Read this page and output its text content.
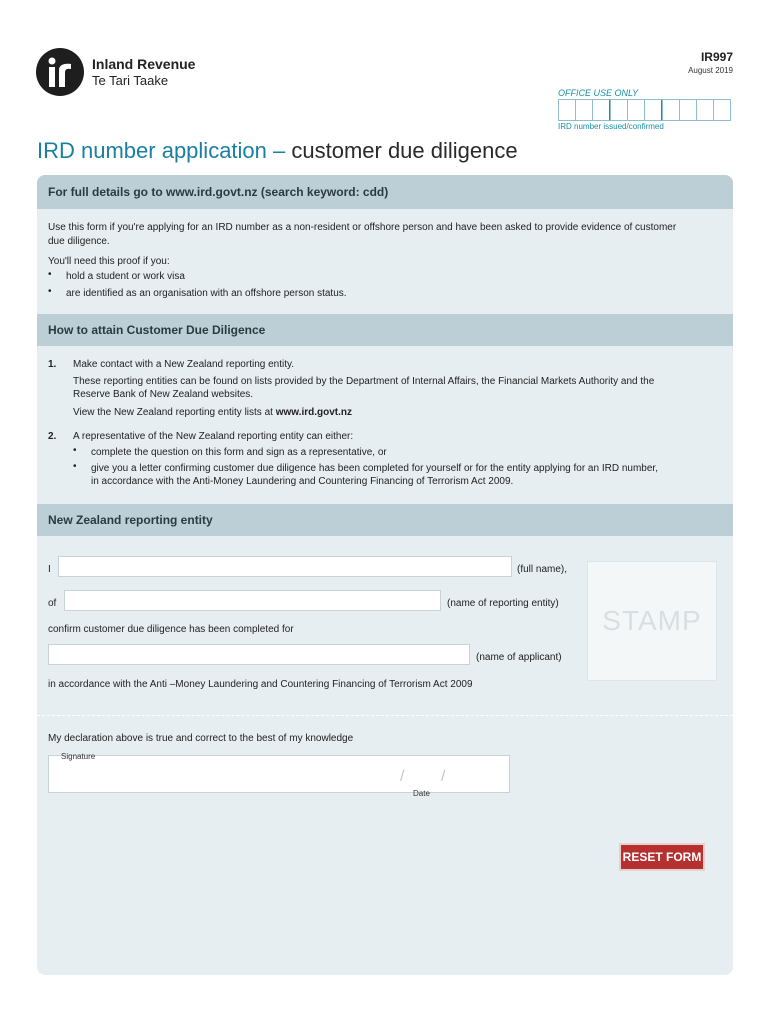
Inland Revenue
Te Tari Taake
IR997
August 2019
OFFICE USE ONLY
IRD number issued/confirmed
IRD number application – customer due diligence
For full details go to www.ird.govt.nz (search keyword: cdd)
Use this form if you're applying for an IRD number as a non-resident or offshore person and have been asked to provide evidence of customer
due diligence.
You'll need this proof if you:
• hold a student or work visa
• are identified as an organisation with an offshore person status.
How to attain Customer Due Diligence
1. Make contact with a New Zealand reporting entity.
These reporting entities can be found on lists provided by the Department of Internal Affairs, the Financial Markets Authority and the
Reserve Bank of New Zealand websites.
View the New Zealand reporting entity lists at www.ird.govt.nz
2. A representative of the New Zealand reporting entity can either:
• complete the question on this form and sign as a representative, or
• give you a letter confirming customer due diligence has been completed for yourself or for the entity applying for an IRD number,
in accordance with the Anti-Money Laundering and Countering Financing of Terrorism Act 2009.
New Zealand reporting entity
I	(full name),
of	(name of reporting entity)
confirm customer due diligence has been completed for
(name of applicant)
in accordance with the Anti –Money Laundering and Countering Financing of Terrorism Act 2009
STAMP
My declaration above is true and correct to the best of my knowledge
Signature
/ /
Date
RESET FORM
